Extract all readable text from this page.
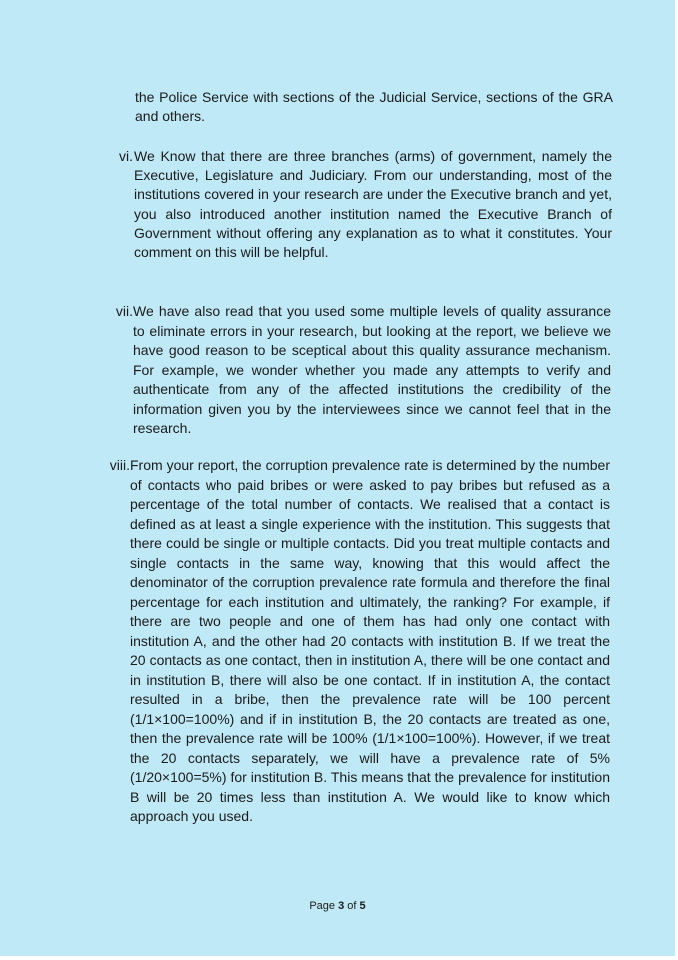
the Police Service with sections of the Judicial Service, sections of the GRA and others.

vi. We Know that there are three branches (arms) of government, namely the Executive, Legislature and Judiciary. From our understanding, most of the institutions covered in your research are under the Executive branch and yet, you also introduced another institution named the Executive Branch of Government without offering any explanation as to what it constitutes. Your comment on this will be helpful.

vii. We have also read that you used some multiple levels of quality assurance to eliminate errors in your research, but looking at the report, we believe we have good reason to be sceptical about this quality assurance mechanism. For example, we wonder whether you made any attempts to verify and authenticate from any of the affected institutions the credibility of the information given you by the interviewees since we cannot feel that in the research.

viii. From your report, the corruption prevalence rate is determined by the number of contacts who paid bribes or were asked to pay bribes but refused as a percentage of the total number of contacts. We realised that a contact is defined as at least a single experience with the institution. This suggests that there could be single or multiple contacts. Did you treat multiple contacts and single contacts in the same way, knowing that this would affect the denominator of the corruption prevalence rate formula and therefore the final percentage for each institution and ultimately, the ranking? For example, if there are two people and one of them has had only one contact with institution A, and the other had 20 contacts with institution B. If we treat the 20 contacts as one contact, then in institution A, there will be one contact and in institution B, there will also be one contact. If in institution A, the contact resulted in a bribe, then the prevalence rate will be 100 percent (1/1×100=100%) and if in institution B, the 20 contacts are treated as one, then the prevalence rate will be 100% (1/1×100=100%). However, if we treat the 20 contacts separately, we will have a prevalence rate of 5% (1/20×100=5%) for institution B. This means that the prevalence for institution B will be 20 times less than institution A. We would like to know which approach you used.

Page 3 of 5
